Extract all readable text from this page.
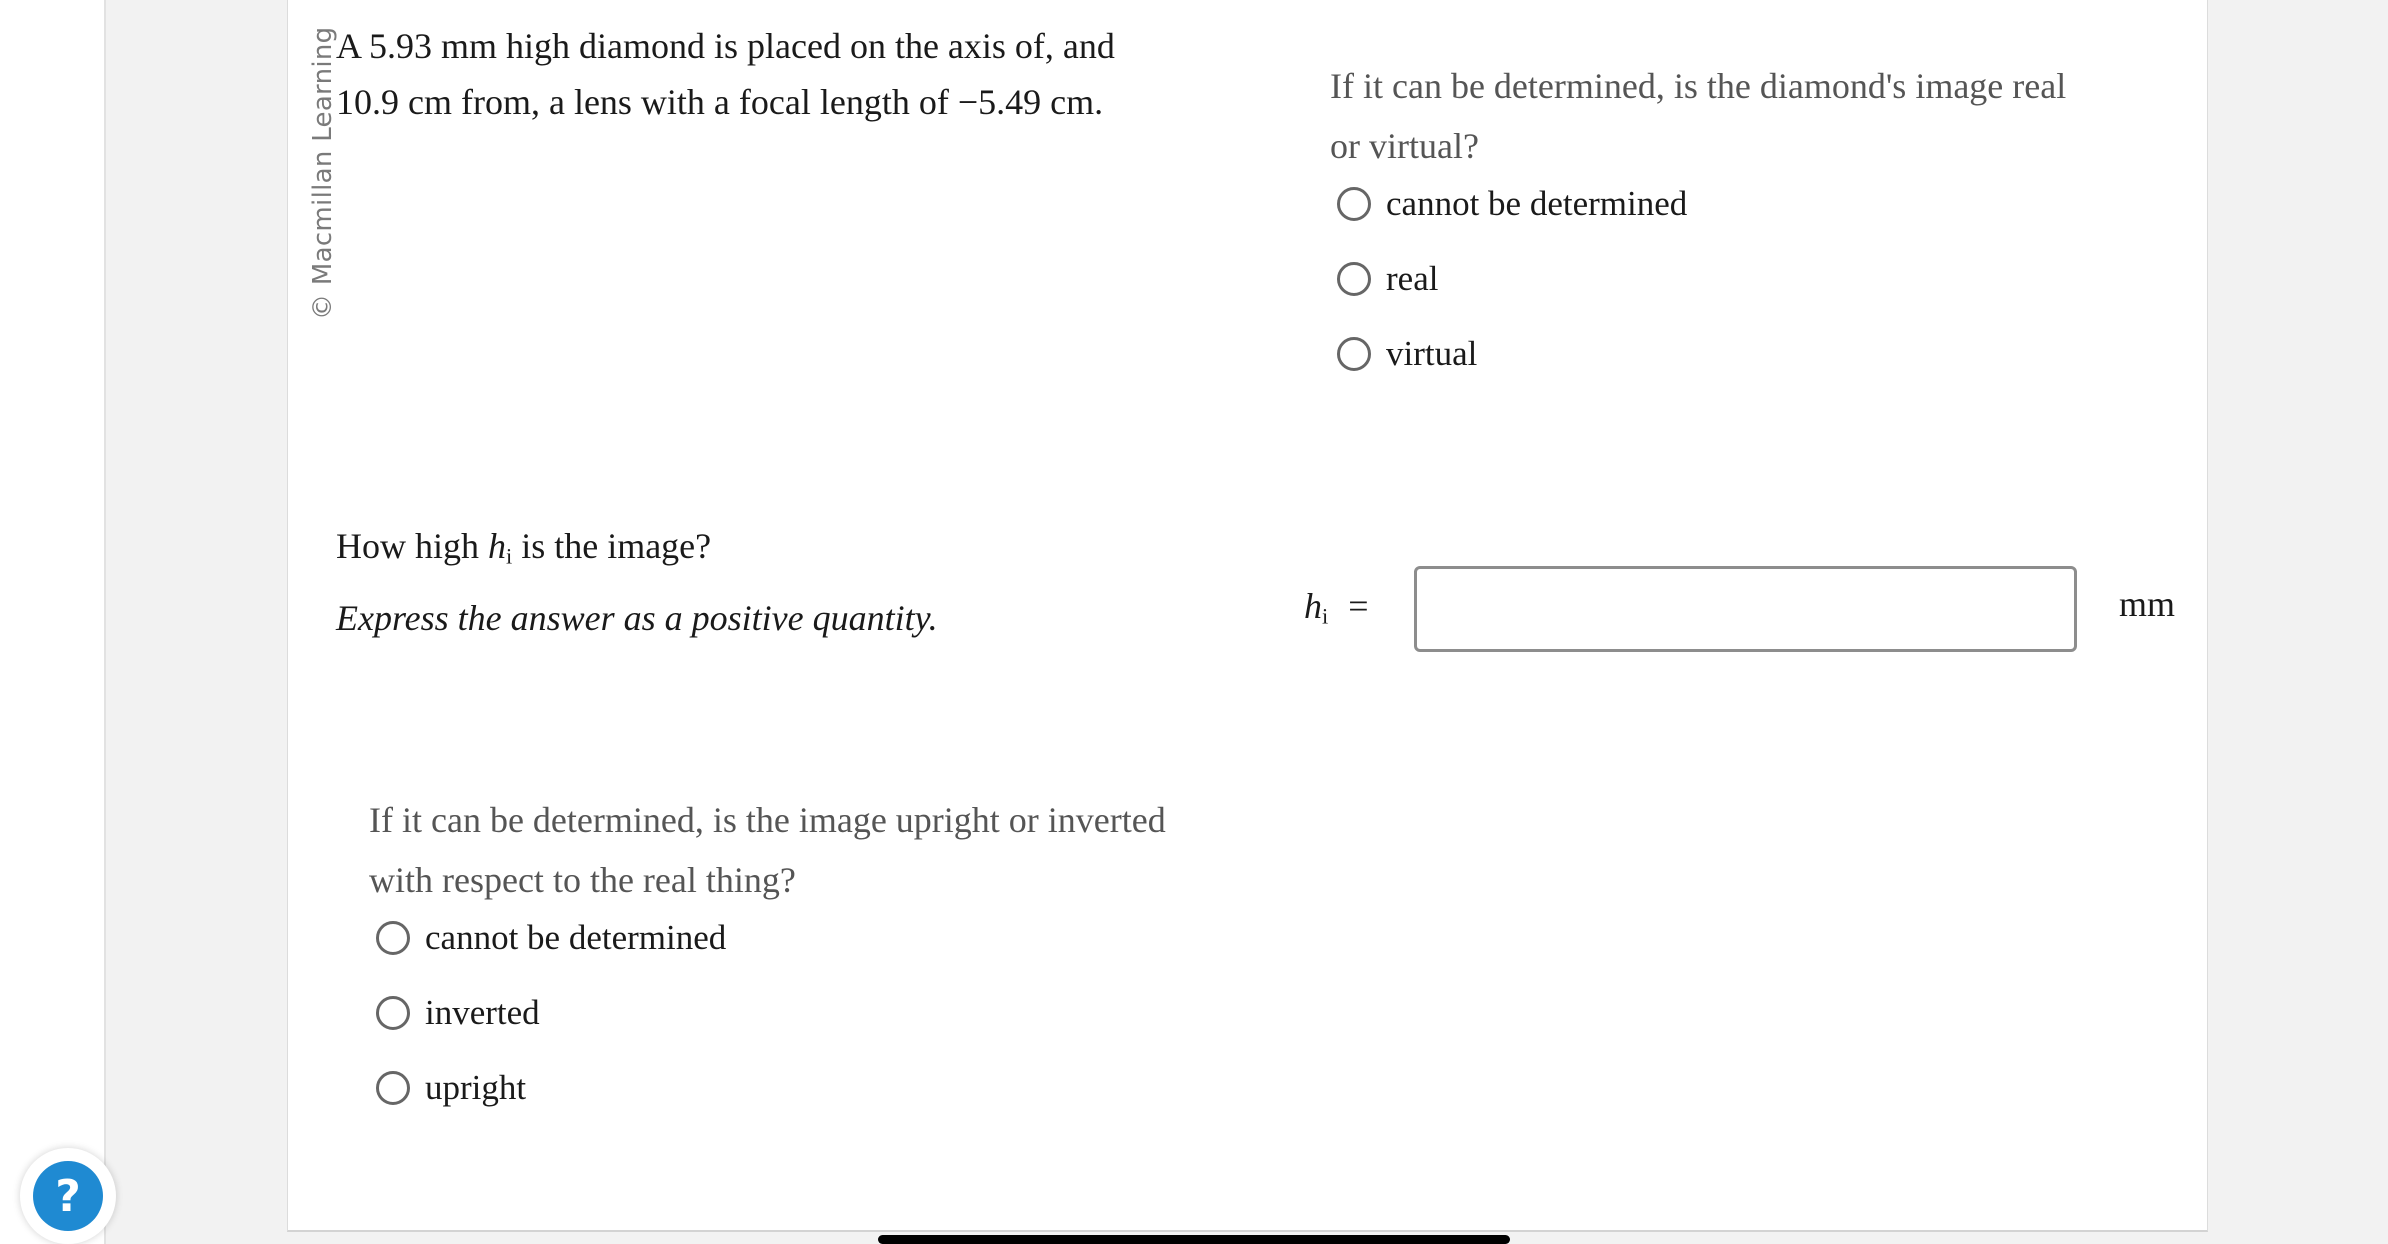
© Macmillan Learning
A 5.93 mm high diamond is placed on the axis of, and
10.9 cm from, a lens with a focal length of −5.49 cm.	If it can be determined, is the diamond's image real
or virtual?
cannot be determined
real
virtual
How high $h_i$ is the image?
Express the answer as a positive quantity.	$h_i$ =	mm
If it can be determined, is the image upright or inverted
with respect to the real thing?
cannot be determined
inverted
upright
?
